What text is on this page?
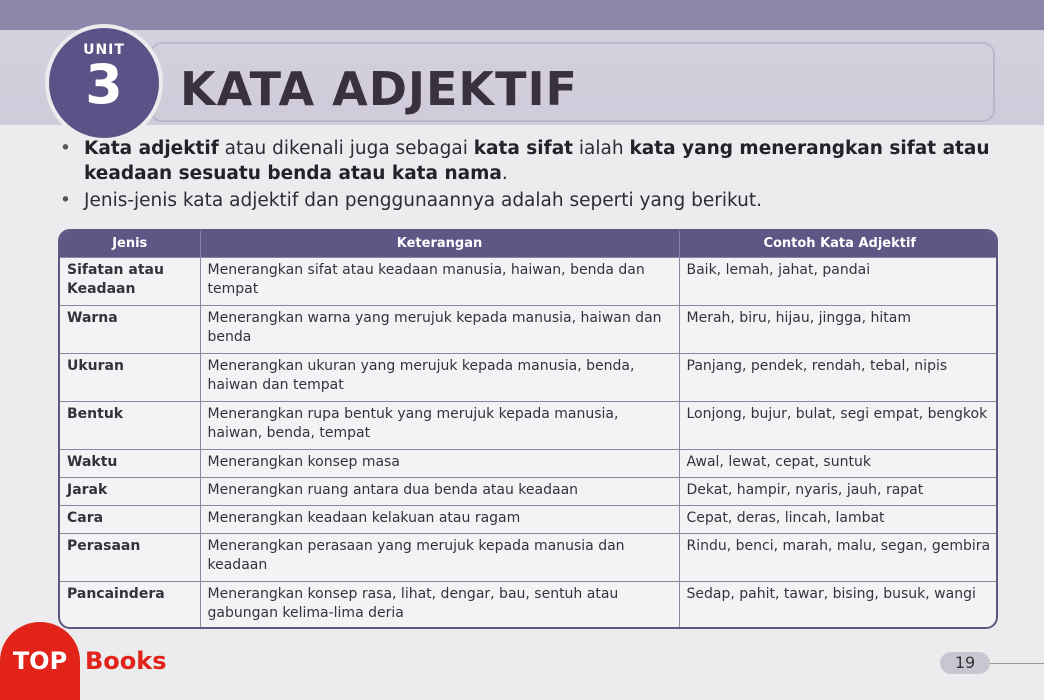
UNIT
3 KATA ADJEKTIF
• Kata adjektif atau dikenali juga sebagai kata sifat ialah kata yang menerangkan sifat atau keadaan sesuatu benda atau kata nama.
• Jenis-jenis kata adjektif dan penggunaannya adalah seperti yang berikut.
Jenis	Keterangan	Contoh Kata Adjektif
Sifatan atau Keadaan	Menerangkan sifat atau keadaan manusia, haiwan, benda dan tempat	Baik, lemah, jahat, pandai
Warna	Menerangkan warna yang merujuk kepada manusia, haiwan dan benda	Merah, biru, hijau, jingga, hitam
Ukuran	Menerangkan ukuran yang merujuk kepada manusia, benda, haiwan dan tempat	Panjang, pendek, rendah, tebal, nipis
Bentuk	Menerangkan rupa bentuk yang merujuk kepada manusia, haiwan, benda, tempat	Lonjong, bujur, bulat, segi empat, bengkok
Waktu	Menerangkan konsep masa	Awal, lewat, cepat, suntuk
Jarak	Menerangkan ruang antara dua benda atau keadaan	Dekat, hampir, nyaris, jauh, rapat
Cara	Menerangkan keadaan kelakuan atau ragam	Cepat, deras, lincah, lambat
Perasaan	Menerangkan perasaan yang merujuk kepada manusia dan keadaan	Rindu, benci, marah, malu, segan, gembira
Pancaindera	Menerangkan konsep rasa, lihat, dengar, bau, sentuh atau gabungan kelima-lima deria	Sedap, pahit, tawar, bising, busuk, wangi
TOP Books	19
